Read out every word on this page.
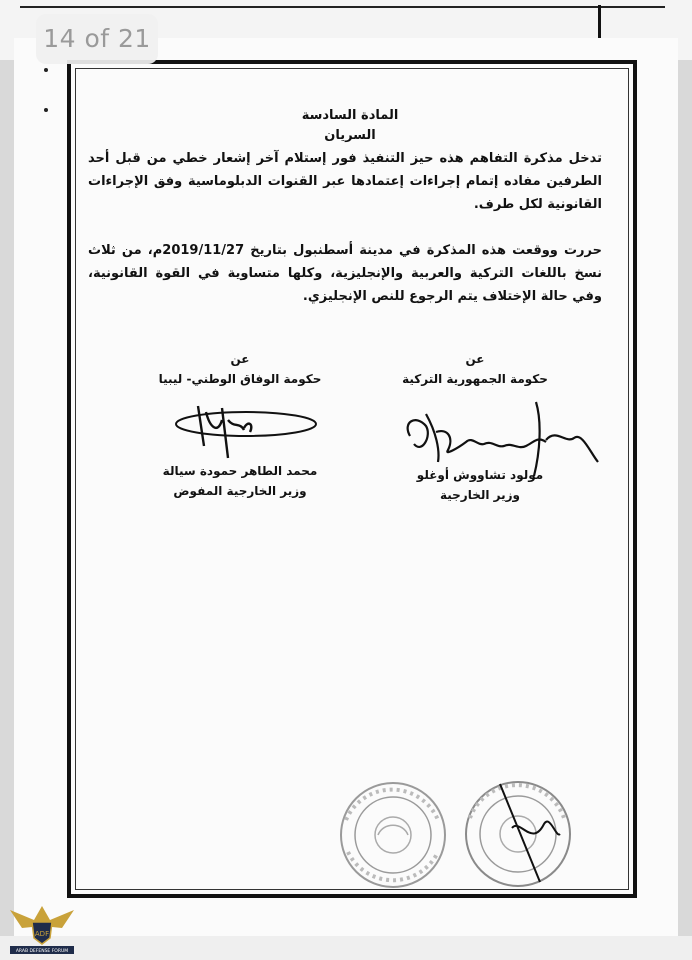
14 of 21
المادة السادسة
السريان
تدخل مذكرة التفاهم هذه حيز التنفيذ فور إستلام آخر إشعار خطي من قبل أحد الطرفين مفاده إتمام إجراءات إعتمادها عبر القنوات الدبلوماسية وفق الإجراءات القانونية لكل طرف.
حررت ووقعت هذه المذكرة في مدينة أسطنبول بتاريخ 2019/11/27م، من ثلاث نسخ باللغات التركية والعربية والإنجليزية، وكلها متساوية في القوة القانونية، وفي حالة الإختلاف يتم الرجوع للنص الإنجليزي.
عن
حكومة الجمهورية التركية
مولود تشاووش أوغلو
وزير الخارجية
عن
حكومة الوفاق الوطني- ليبيا
محمد الطاهر حمودة سيالة
وزير الخارجية المفوض
ADF
ARAB DEFENSE FORUM
